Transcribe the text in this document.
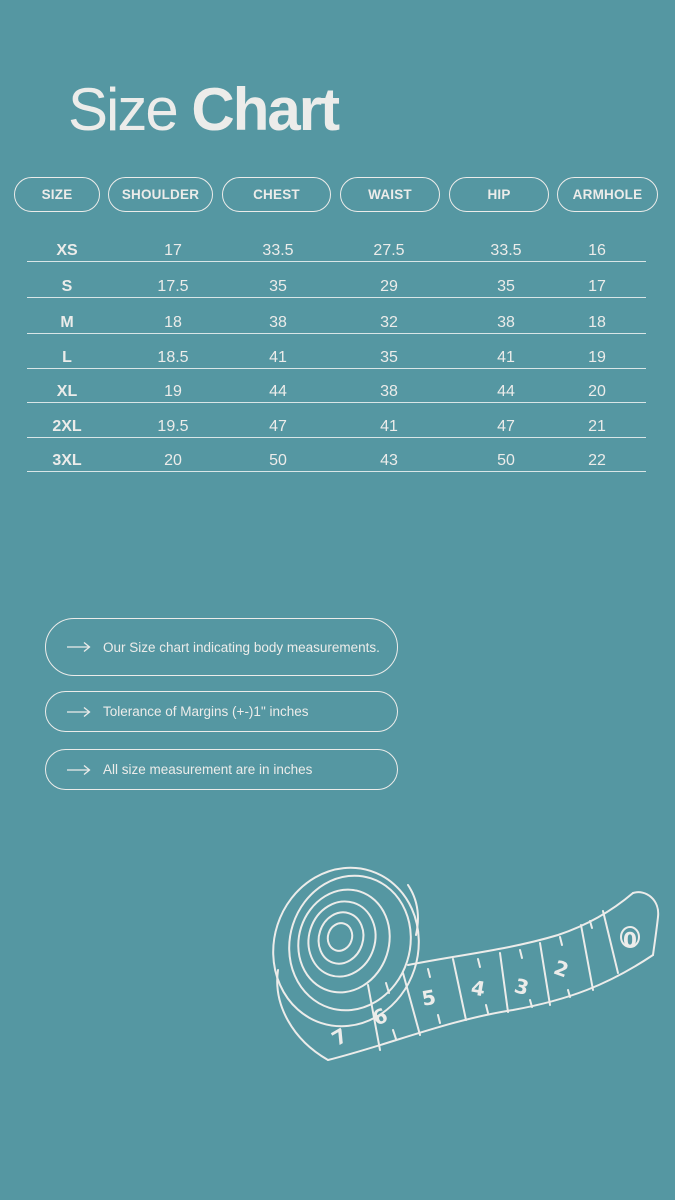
Size Chart
SIZE	SHOULDER	CHEST	WAIST	HIP	ARMHOLE
XS	17	33.5	27.5	33.5	16
S	17.5	35	29	35	17
M	18	38	32	38	18
L	18.5	41	35	41	19
XL	19	44	38	44	20
2XL	19.5	47	41	47	21
3XL	20	50	43	50	22
Our Size chart indicating body measurements.
Tolerance of Margins (+-)1" inches
All size measurement are in inches
0
2
3
4
5
6
7
